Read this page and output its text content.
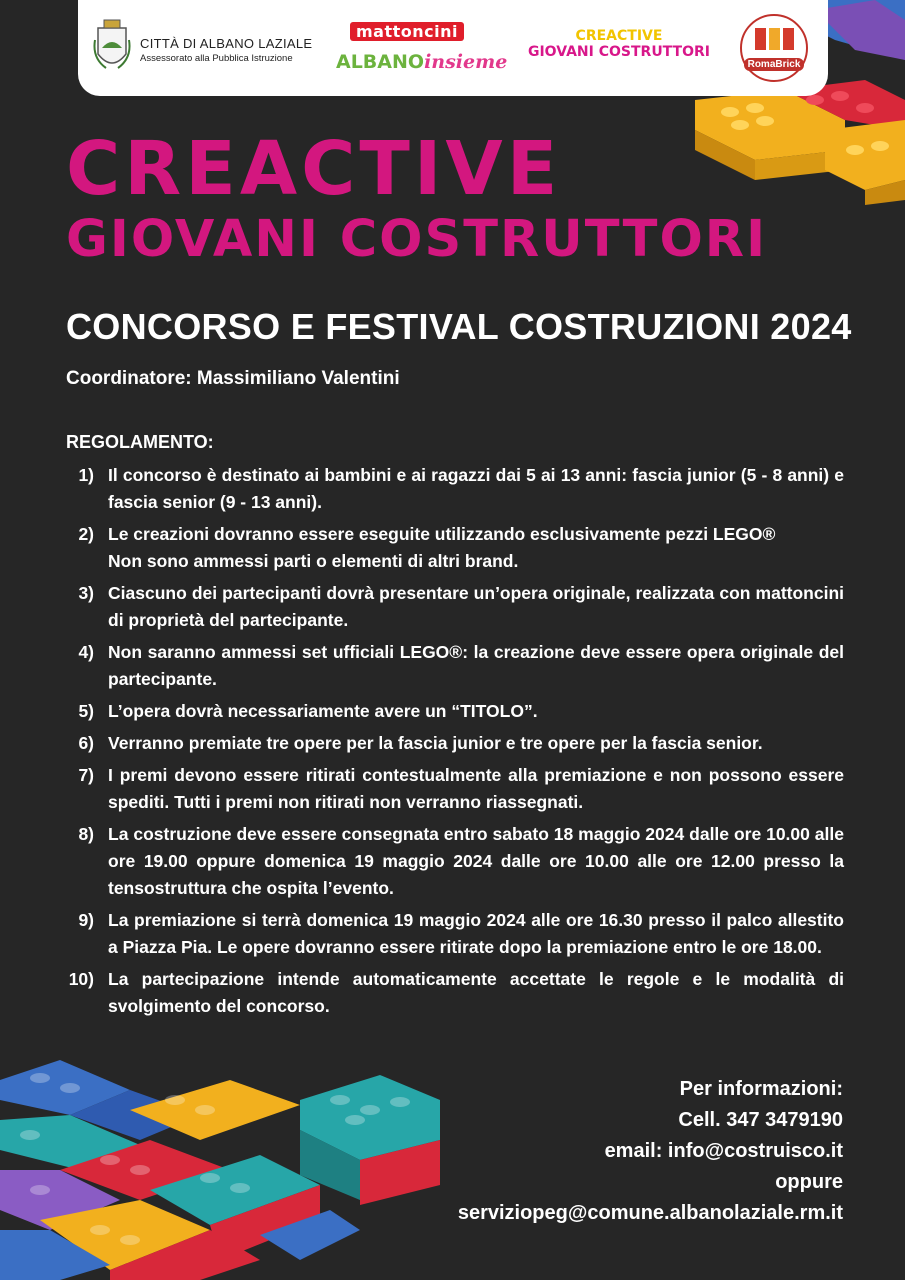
CITTÀ DI ALBANO LAZIALE
Assessorato alla Pubblica Istruzione
mattoncini
ALBANOinsieme
CREACTIVE
GIOVANI COSTRUTTORI
RomaBrick
CREACTIVE
GIOVANI COSTRUTTORI
CONCORSO E FESTIVAL COSTRUZIONI 2024
Coordinatore: Massimiliano Valentini
REGOLAMENTO:
1) Il concorso è destinato ai bambini e ai ragazzi dai 5 ai 13 anni: fascia junior (5 - 8 anni) e fascia senior (9 - 13 anni).
2) Le creazioni dovranno essere eseguite utilizzando esclusivamente pezzi LEGO®
Non sono ammessi parti o elementi di altri brand.
3) Ciascuno dei partecipanti dovrà presentare un’opera originale, realizzata con mattoncini di proprietà del partecipante.
4) Non saranno ammessi set ufficiali LEGO®: la creazione deve essere opera originale del partecipante.
5) L’opera dovrà necessariamente avere un “TITOLO”.
6) Verranno premiate tre opere per la fascia junior e tre opere per la fascia senior.
7) I premi devono essere ritirati contestualmente alla premiazione e non possono essere spediti. Tutti i premi non ritirati non verranno riassegnati.
8) La costruzione deve essere consegnata entro sabato 18 maggio 2024 dalle ore 10.00 alle ore 19.00 oppure domenica 19 maggio 2024 dalle ore 10.00 alle ore 12.00 presso la tensostruttura che ospita l’evento.
9) La premiazione si terrà domenica 19 maggio 2024 alle ore 16.30 presso il palco allestito a Piazza Pia. Le opere dovranno essere ritirate dopo la premiazione entro le ore 18.00.
10) La partecipazione intende automaticamente accettate le regole e le modalità di svolgimento del concorso.
Per informazioni:
Cell. 347 3479190
email: info@costruisco.it
oppure
serviziopeg@comune.albanolaziale.rm.it
